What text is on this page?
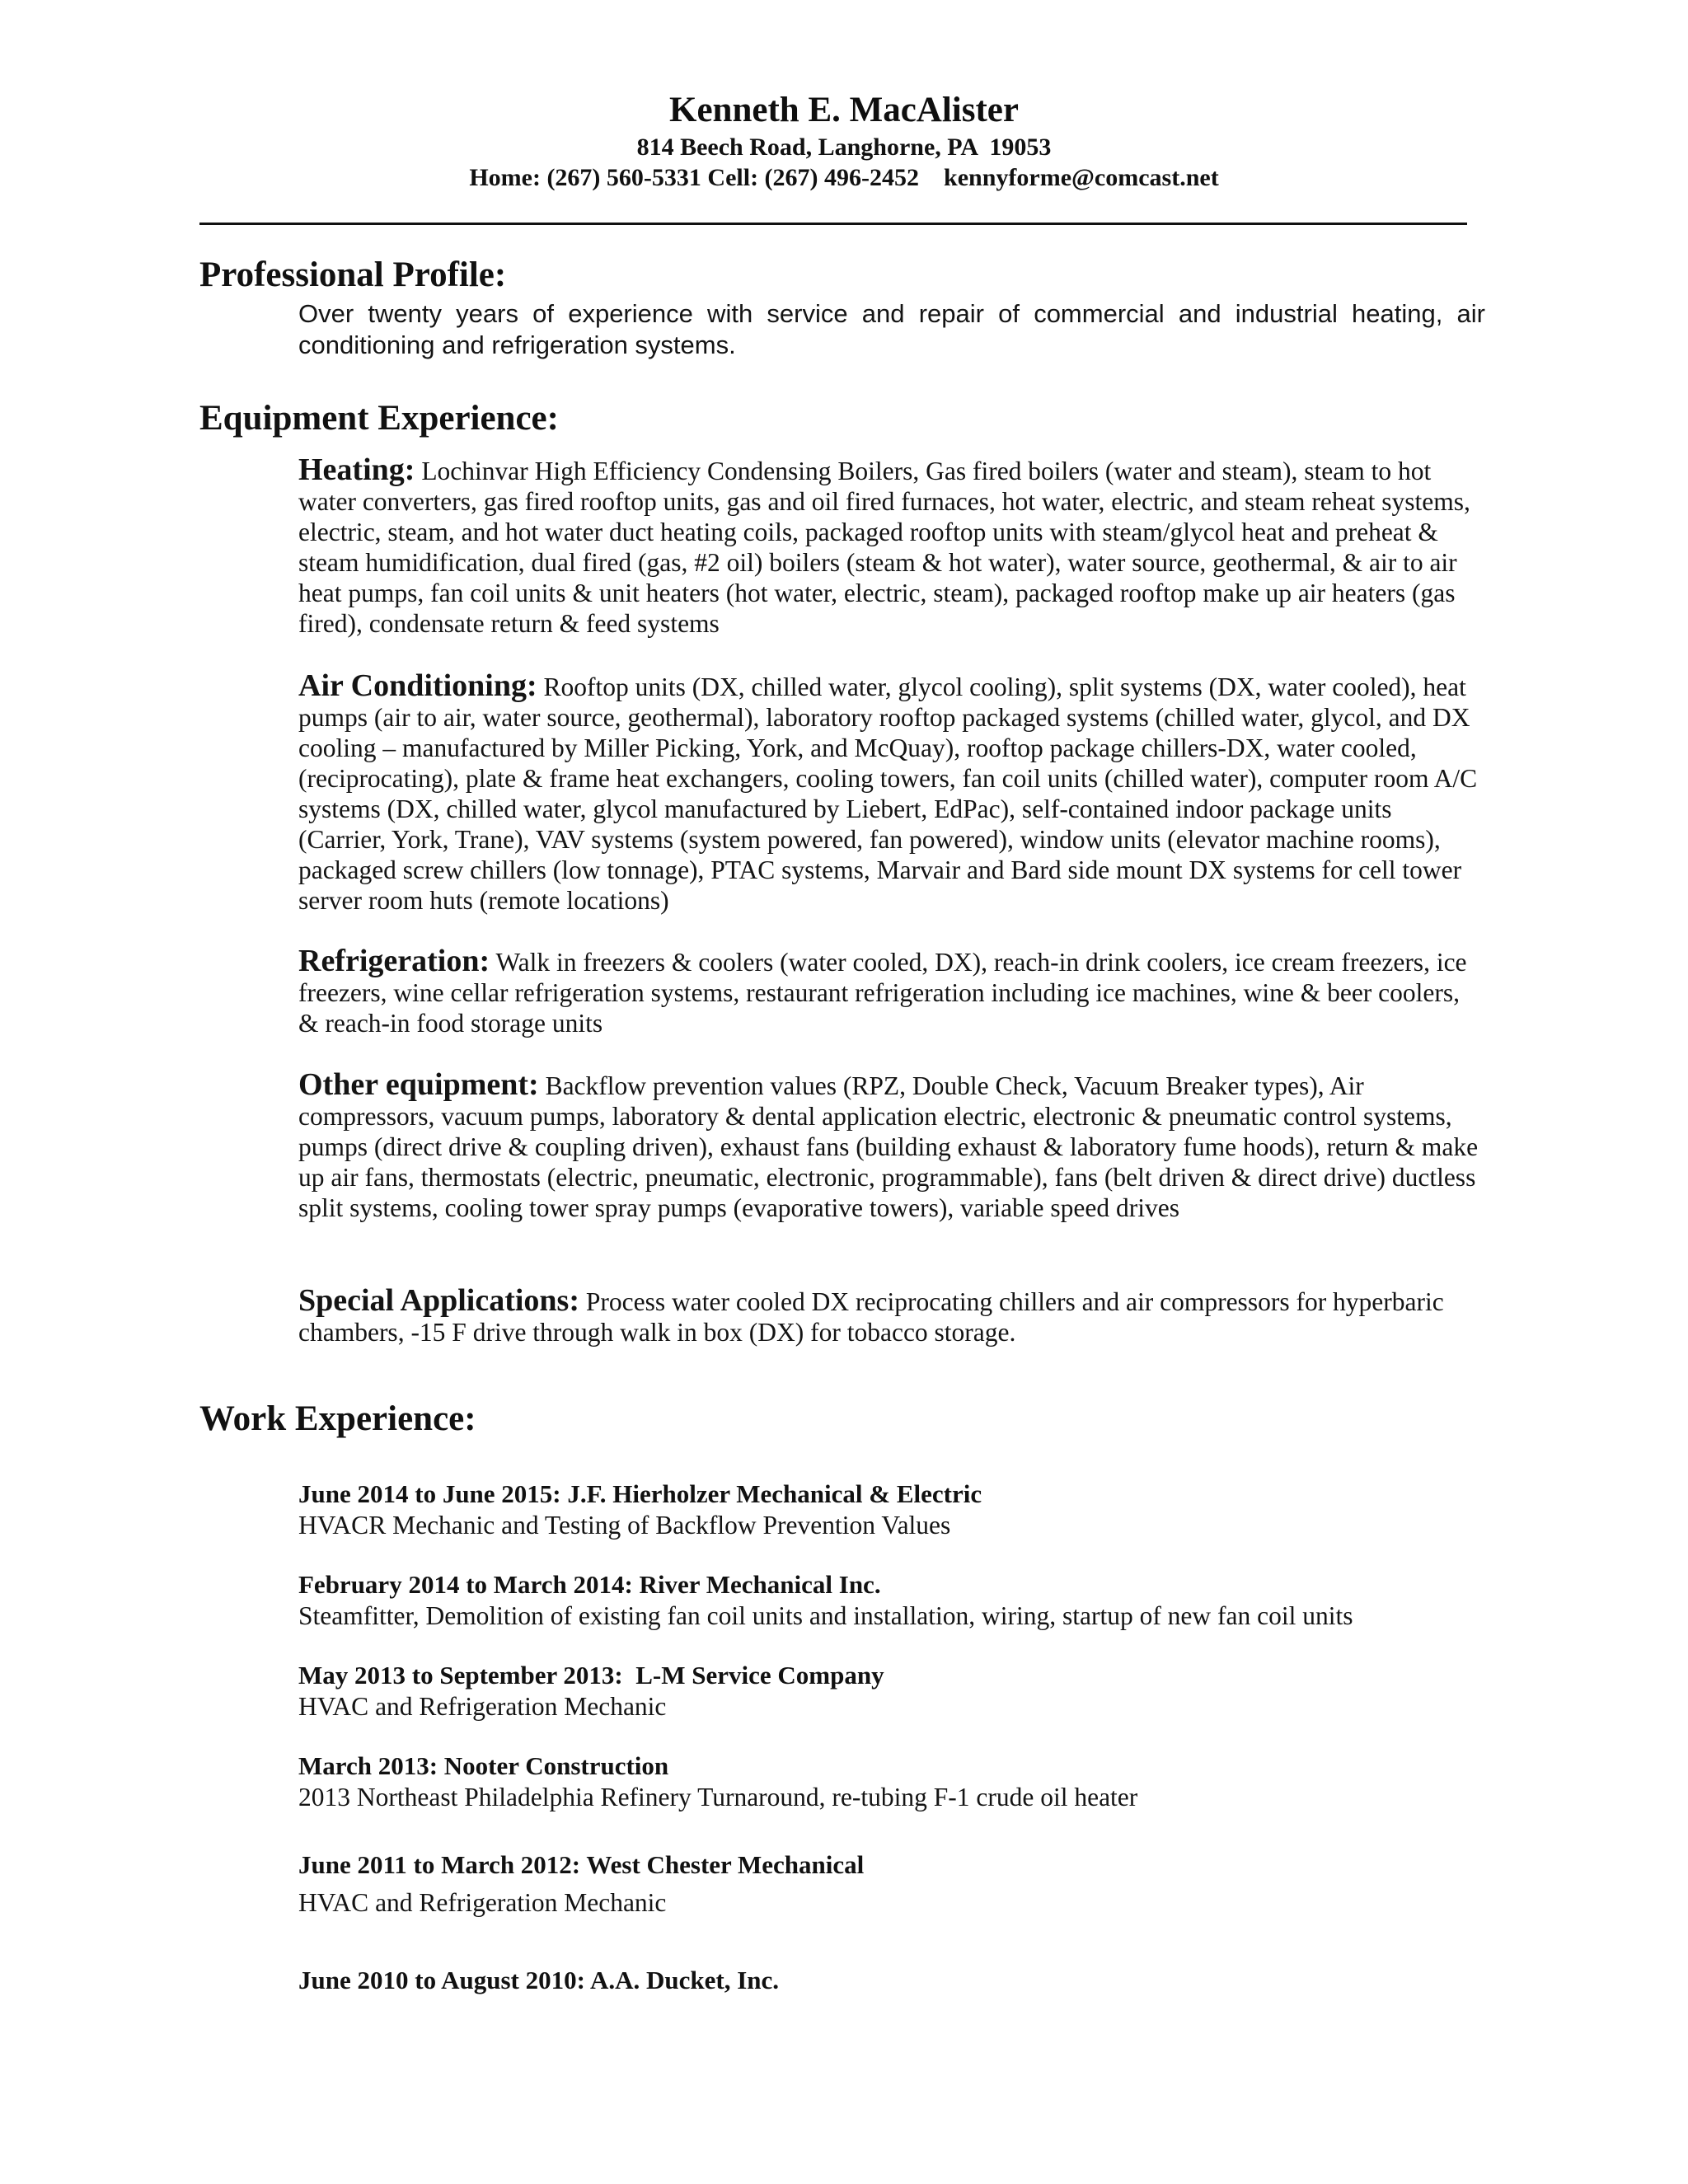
Kenneth E. MacAlister

814 Beech Road, Langhorne, PA  19053

Home: (267) 560-5331 Cell: (267) 496-2452    kennyforme@comcast.net

Professional Profile:

Over twenty years of experience with service and repair of commercial and industrial heating, air conditioning and refrigeration systems.

Equipment Experience:

Heating: Lochinvar High Efficiency Condensing Boilers, Gas fired boilers (water and steam), steam to hot water converters, gas fired rooftop units, gas and oil fired furnaces, hot water, electric, and steam reheat systems, electric, steam, and hot water duct heating coils, packaged rooftop units with steam/glycol heat and preheat & steam humidification, dual fired (gas, #2 oil) boilers (steam & hot water), water source, geothermal, & air to air heat pumps, fan coil units & unit heaters (hot water, electric, steam), packaged rooftop make up air heaters (gas fired), condensate return & feed systems

Air Conditioning: Rooftop units (DX, chilled water, glycol cooling), split systems (DX, water cooled), heat pumps (air to air, water source, geothermal), laboratory rooftop packaged systems (chilled water, glycol, and DX cooling – manufactured by Miller Picking, York, and McQuay), rooftop package chillers-DX, water cooled, (reciprocating), plate & frame heat exchangers, cooling towers, fan coil units (chilled water), computer room A/C systems (DX, chilled water, glycol manufactured by Liebert, EdPac), self-contained indoor package units (Carrier, York, Trane), VAV systems (system powered, fan powered), window units (elevator machine rooms), packaged screw chillers (low tonnage), PTAC systems, Marvair and Bard side mount DX systems for cell tower server room huts (remote locations)

Refrigeration: Walk in freezers & coolers (water cooled, DX), reach-in drink coolers, ice cream freezers, ice freezers, wine cellar refrigeration systems, restaurant refrigeration including ice machines, wine & beer coolers, & reach-in food storage units

Other equipment: Backflow prevention values (RPZ, Double Check, Vacuum Breaker types), Air compressors, vacuum pumps, laboratory & dental application electric, electronic & pneumatic control systems, pumps (direct drive & coupling driven), exhaust fans (building exhaust & laboratory fume hoods), return & make up air fans, thermostats (electric, pneumatic, electronic, programmable), fans (belt driven & direct drive) ductless split systems, cooling tower spray pumps (evaporative towers), variable speed drives

Special Applications: Process water cooled DX reciprocating chillers and air compressors for hyperbaric chambers, -15 F drive through walk in box (DX) for tobacco storage.

Work Experience:

June 2014 to June 2015: J.F. Hierholzer Mechanical & Electric

HVACR Mechanic and Testing of Backflow Prevention Values

February 2014 to March 2014: River Mechanical Inc.

Steamfitter, Demolition of existing fan coil units and installation, wiring, startup of new fan coil units

May 2013 to September 2013:  L-M Service Company

HVAC and Refrigeration Mechanic

March 2013: Nooter Construction

2013 Northeast Philadelphia Refinery Turnaround, re-tubing F-1 crude oil heater

June 2011 to March 2012: West Chester Mechanical

HVAC and Refrigeration Mechanic

June 2010 to August 2010: A.A. Ducket, Inc.
